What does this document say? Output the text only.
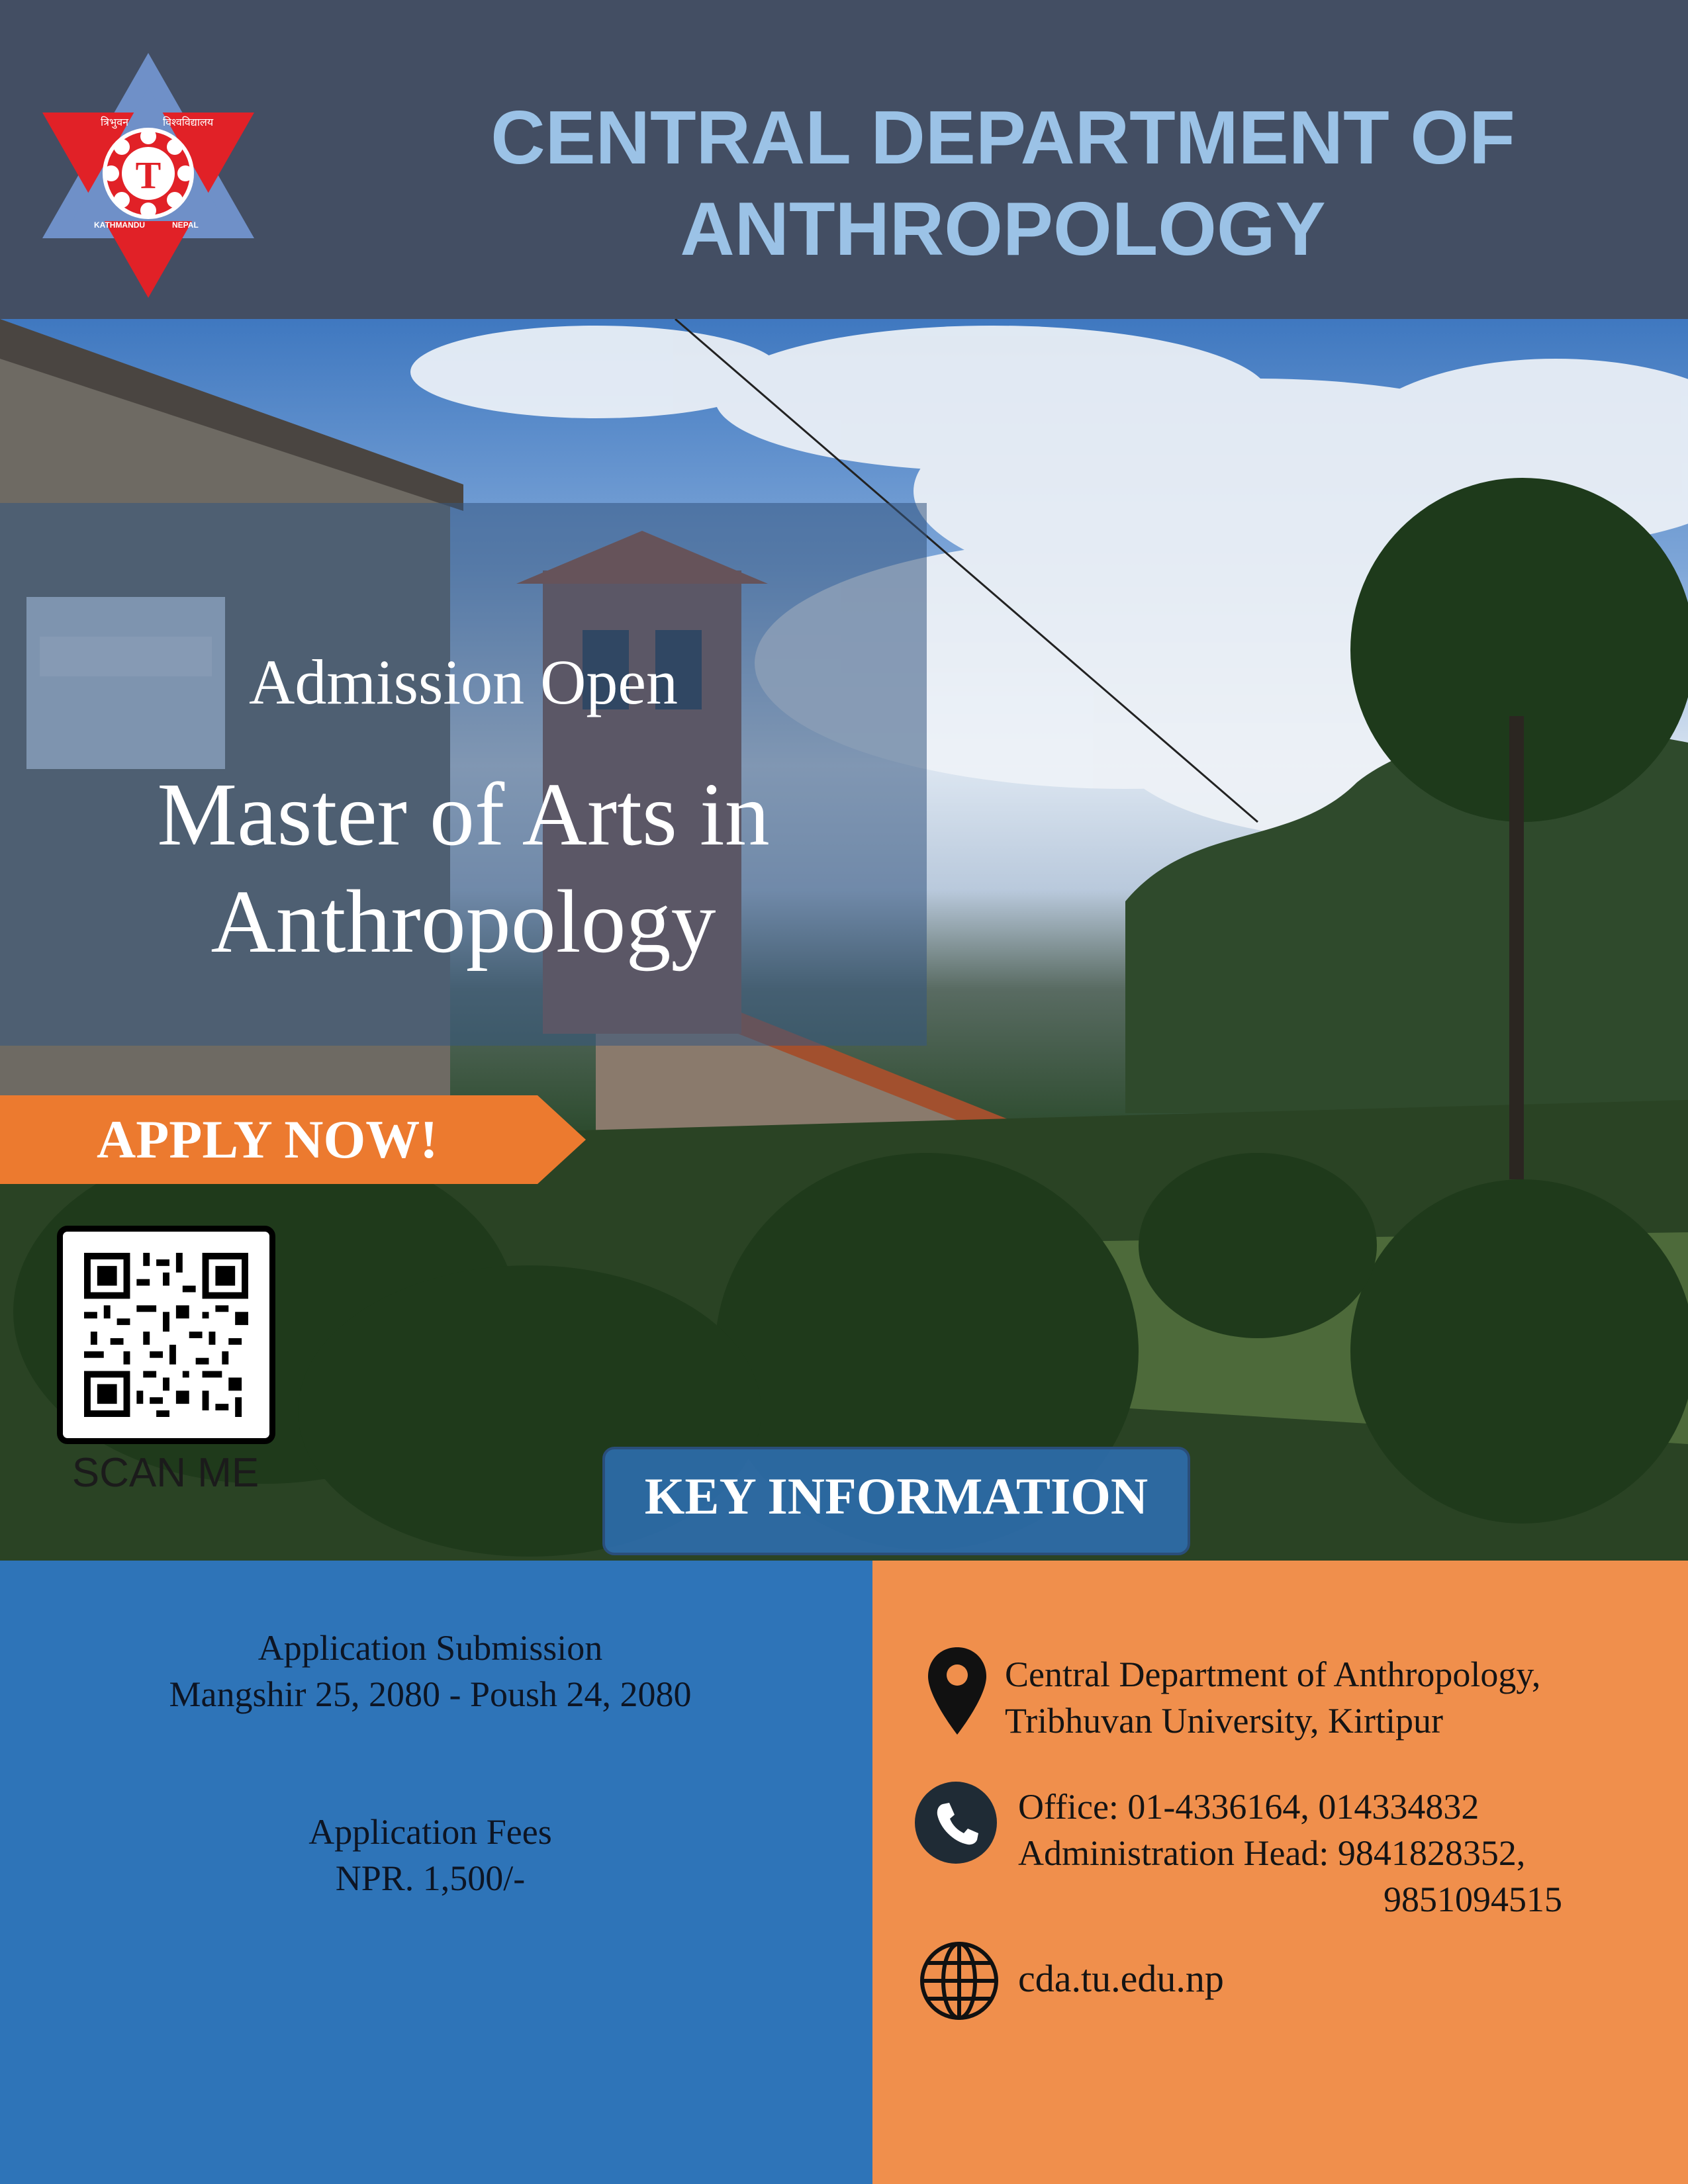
T
त्रिभुवन	विश्वविद्यालय
KATHMANDU	NEPAL
CENTRAL DEPARTMENT OF
ANTHROPOLOGY
Admission Open
Master of Arts in
Anthropology
APPLY NOW!
SCAN ME	KEY INFORMATION
Application Submission
Mangshir 25, 2080 - Poush 24, 2080
Application Fees
NPR. 1,500/-
Central Department of Anthropology,
Tribhuvan University, Kirtipur
Office: 01-4336164, 014334832
Administration Head: 9841828352,
9851094515
cda.tu.edu.np
